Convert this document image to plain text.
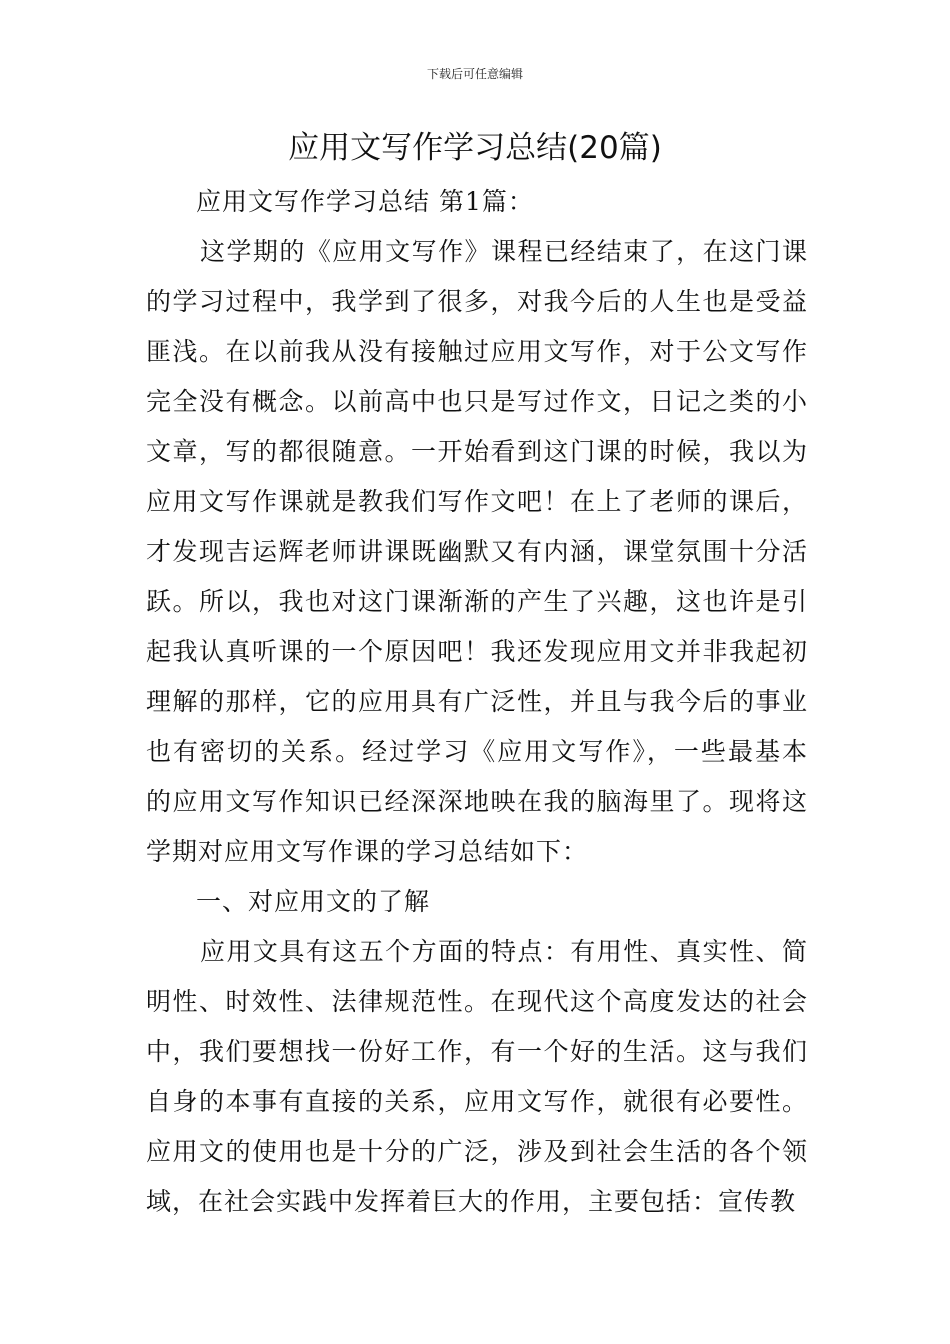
下载后可任意编辑
应用文写作学习总结(20篇)

应用文写作学习总结 第1篇：

这学期的《应用文写作》课程已经结束了，在这门课的学习过程中，我学到了很多，对我今后的人生也是受益匪浅。在以前我从没有接触过应用文写作，对于公文写作完全没有概念。以前高中也只是写过作文，日记之类的小文章，写的都很随意。一开始看到这门课的时候，我以为应用文写作课就是教我们写作文吧！在上了老师的课后，才发现吉运辉老师讲课既幽默又有内涵，课堂氛围十分活跃。所以，我也对这门课渐渐的产生了兴趣，这也许是引起我认真听课的一个原因吧！我还发现应用文并非我起初理解的那样，它的应用具有广泛性，并且与我今后的事业也有密切的关系。经过学习《应用文写作》，一些最基本的应用文写作知识已经深深地映在我的脑海里了。现将这学期对应用文写作课的学习总结如下：

一、对应用文的了解

应用文具有这五个方面的特点：有用性、真实性、简明性、时效性、法律规范性。在现代这个高度发达的社会中，我们要想找一份好工作，有一个好的生活。这与我们自身的本事有直接的关系，应用文写作，就很有必要性。应用文的使用也是十分的广泛，涉及到社会生活的各个领域，在社会实践中发挥着巨大的作用，主要包括：宣传教
